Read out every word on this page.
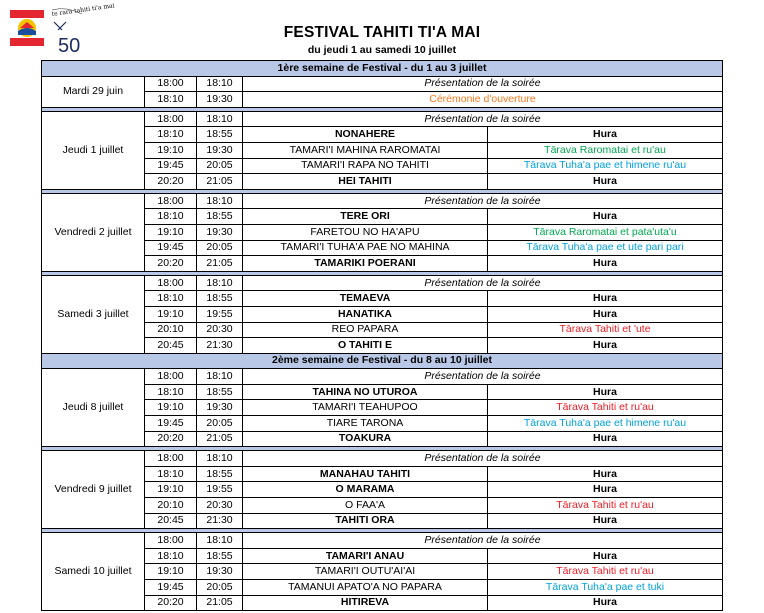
te rara tahiti ti'a mai
50
FESTIVAL TAHITI TI'A MAI
du jeudi 1 au samedi 10 juillet
1ère semaine de Festival - du 1 au 3 juillet				
Mardi 29 juin	18:00	18:10	Présentation de la soirée	
	18:10	19:30	Cérémonie d'ouverture	

Jeudi 1 juillet	18:00	18:10	Présentation de la soirée	
	18:10	18:55	NONAHERE	Hura
	19:10	19:30	TAMARI'I MAHINA RAROMATAI	Tārava Raromatai et ru'au
	19:45	20:05	TAMARI'I RAPA NO TAHITI	Tārava Tuha'a pae et himene ru'au
	20:20	21:05	HEI TAHITI	Hura

Vendredi 2 juillet	18:00	18:10	Présentation de la soirée	
	18:10	18:55	TERE ORI	Hura
	19:10	19:30	FARETOU NO HA'APU	Tārava Raromatai et pata'uta'u
	19:45	20:05	TAMARI'I TUHA'A PAE NO MAHINA	Tārava Tuha'a pae et ute pari pari
	20:20	21:05	TAMARIKI POERANI	Hura

Samedi 3 juillet	18:00	18:10	Présentation de la soirée	
	18:10	18:55	TEMAEVA	Hura
	19:10	19:55	HANATIKA	Hura
	20:10	20:30	REO PAPARA	Tārava Tahiti et 'ute
	20:45	21:30	O TAHITI E	Hura
2ème semaine de Festival - du 8 au 10 juillet				
Jeudi 8 juillet	18:00	18:10	Présentation de la soirée	
	18:10	18:55	TAHINA NO UTUROA	Hura
	19:10	19:30	TAMARI'I TEAHUPOO	Tārava Tahiti et ru'au
	19:45	20:05	TIARE TARONA	Tārava Tuha'a pae et himene ru'au
	20:20	21:05	TOAKURA	Hura

Vendredi 9 juillet	18:00	18:10	Présentation de la soirée	
	18:10	18:55	MANAHAU TAHITI	Hura
	19:10	19:55	O MARAMA	Hura
	20:10	20:30	O FAA'A	Tārava Tahiti et ru'au
	20:45	21:30	TAHITI ORA	Hura

Samedi 10 juillet	18:00	18:10	Présentation de la soirée	
	18:10	18:55	TAMARI'I ANAU	Hura
	19:10	19:30	TAMARI'I OUTU'AI'AI	Tārava Tahiti et ru'au
	19:45	20:05	TAMANUI APATO'A NO PAPARA	Tārava Tuha'a pae et tuki
	20:20	21:05	HITIREVA	Hura
